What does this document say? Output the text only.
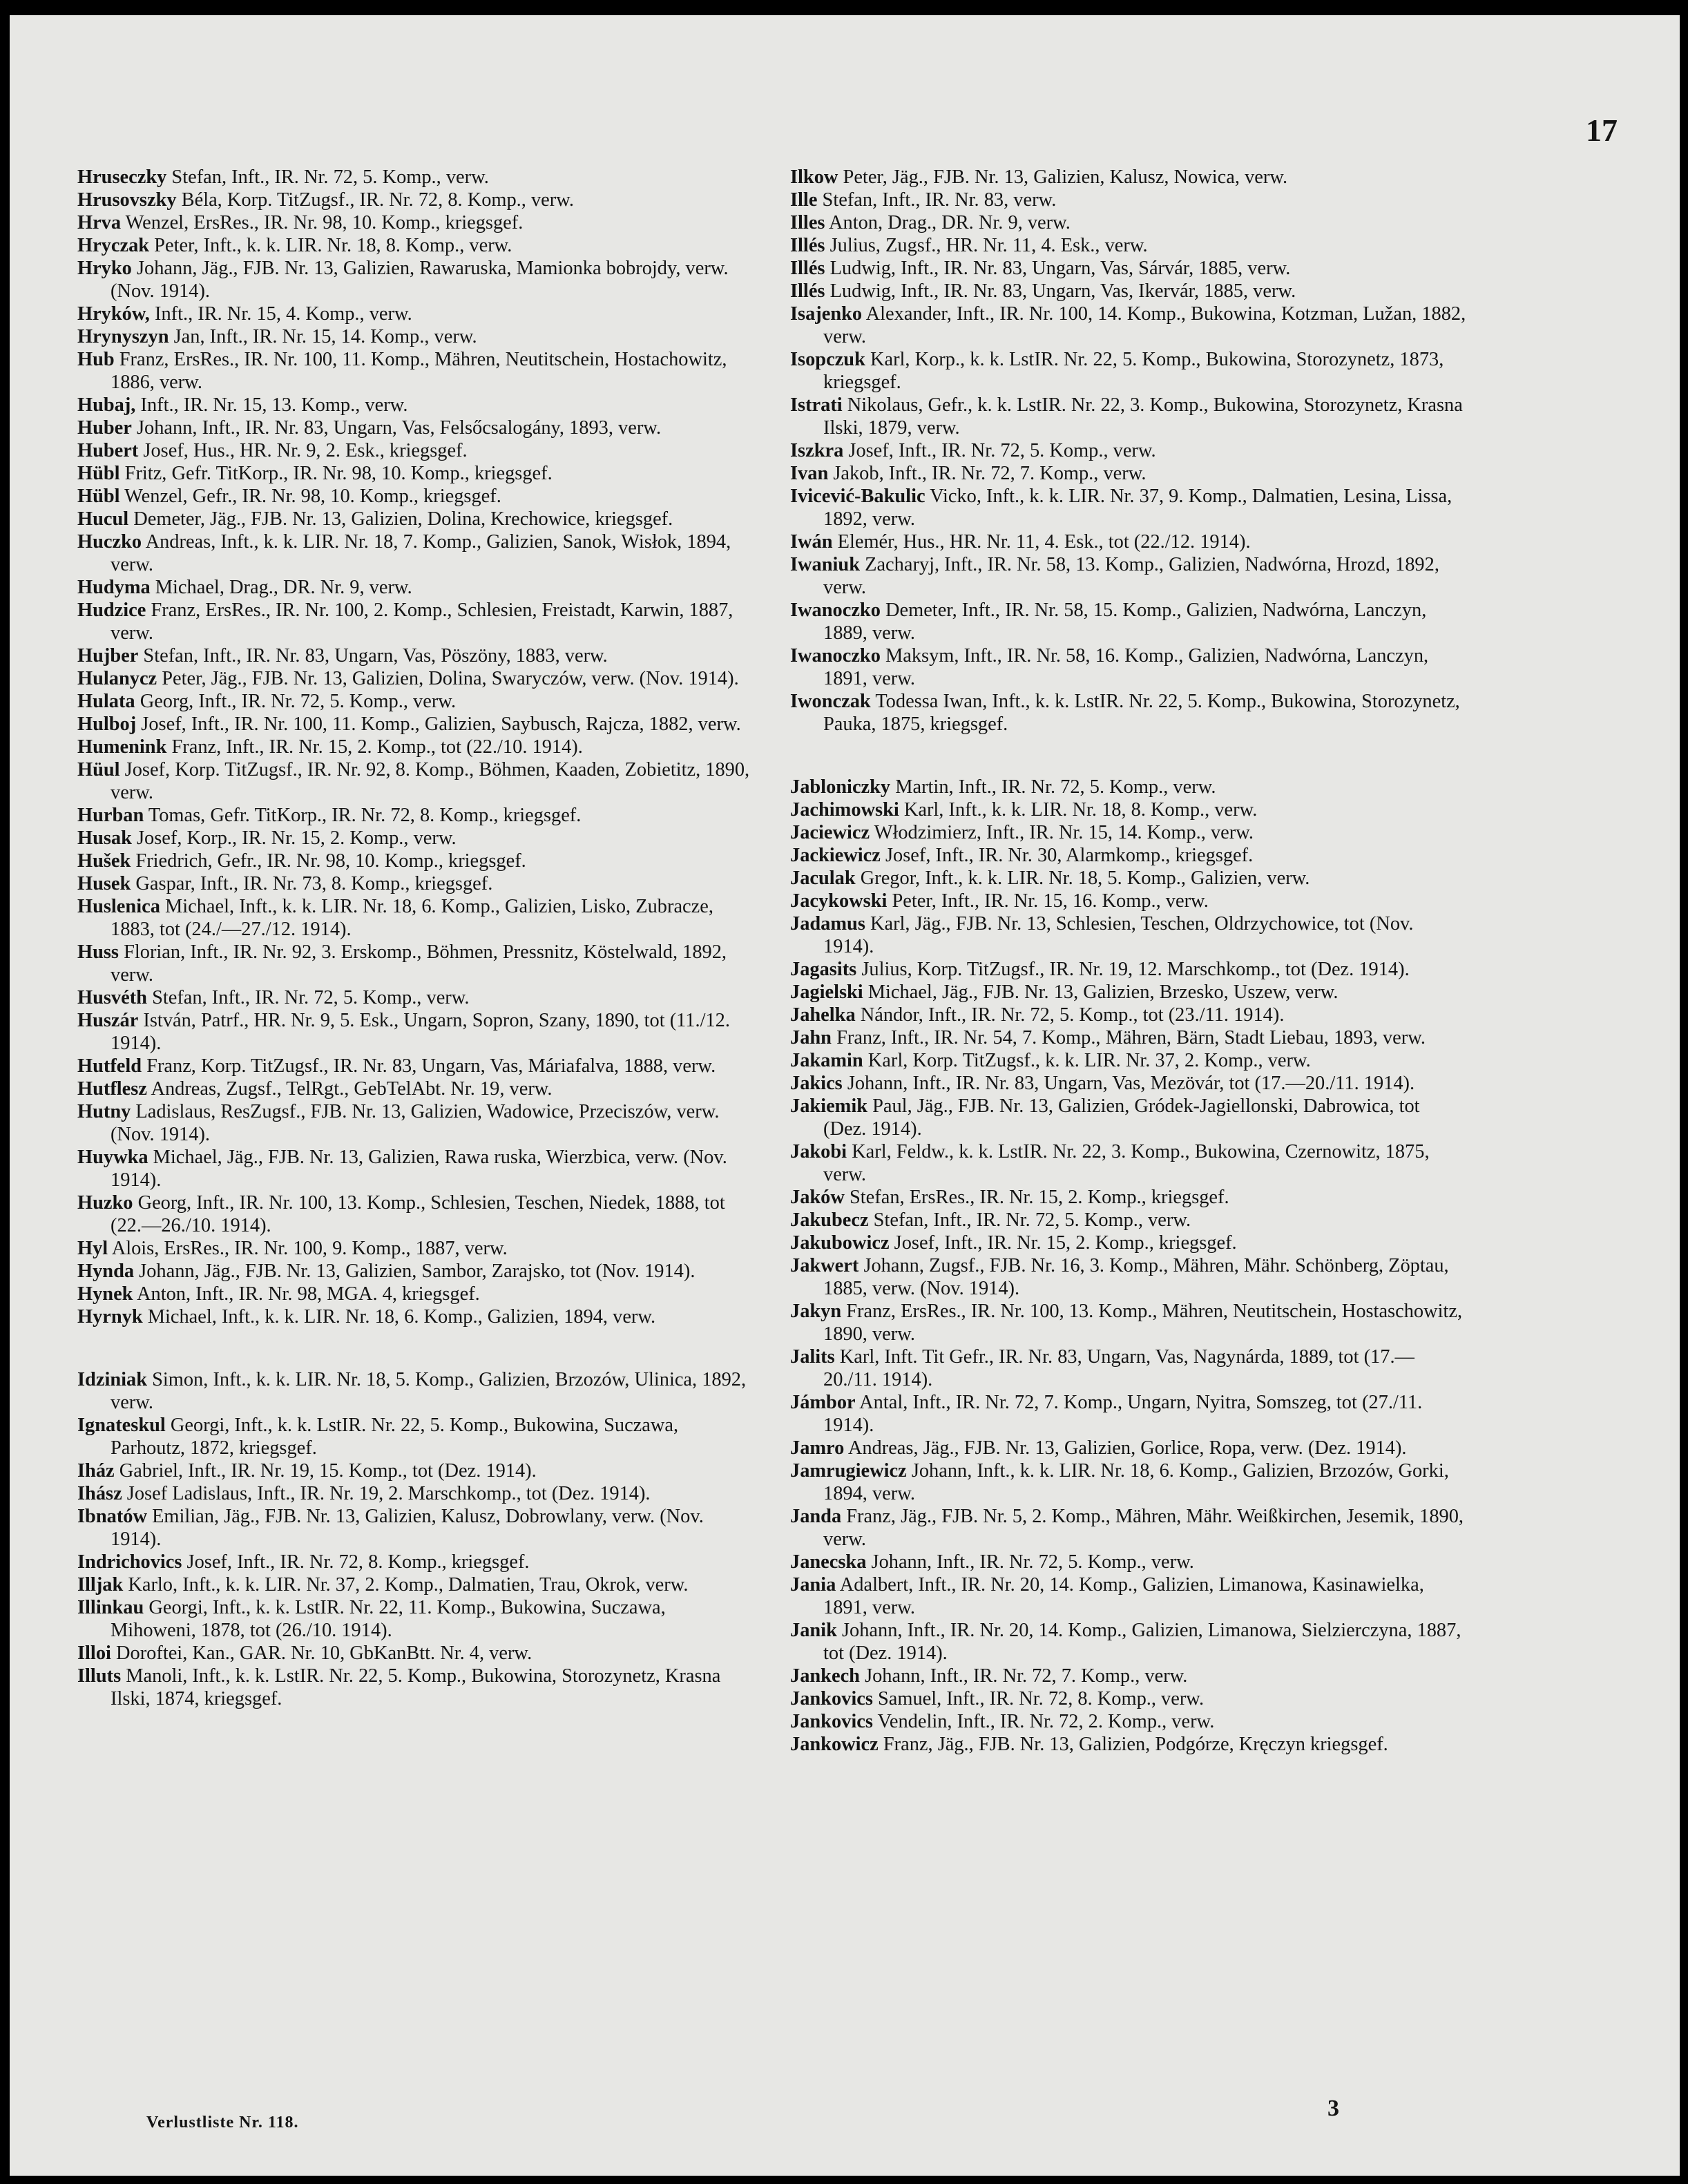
17

Hruseczky Stefan, Inft., IR. Nr. 72, 5. Komp., verw.

Hrusovszky Béla, Korp. TitZugsf., IR. Nr. 72, 8. Komp., verw.

Hrva Wenzel, ErsRes., IR. Nr. 98, 10. Komp., kriegsgef.

Hryczak Peter, Inft., k. k. LIR. Nr. 18, 8. Komp., verw.

Hryko Johann, Jäg., FJB. Nr. 13, Galizien, Rawaruska, Mamionka bobrojdy, verw. (Nov. 1914).

Hryków, Inft., IR. Nr. 15, 4. Komp., verw.

Hrynyszyn Jan, Inft., IR. Nr. 15, 14. Komp., verw.

Hub Franz, ErsRes., IR. Nr. 100, 11. Komp., Mähren, Neutitschein, Hostachowitz, 1886, verw.

Hubaj, Inft., IR. Nr. 15, 13. Komp., verw.

Huber Johann, Inft., IR. Nr. 83, Ungarn, Vas, Felsőcsalogány, 1893, verw.

Hubert Josef, Hus., HR. Nr. 9, 2. Esk., kriegsgef.

Hübl Fritz, Gefr. TitKorp., IR. Nr. 98, 10. Komp., kriegsgef.

Hübl Wenzel, Gefr., IR. Nr. 98, 10. Komp., kriegsgef.

Hucul Demeter, Jäg., FJB. Nr. 13, Galizien, Dolina, Krechowice, kriegsgef.

Huczko Andreas, Inft., k. k. LIR. Nr. 18, 7. Komp., Galizien, Sanok, Wisłok, 1894, verw.

Hudyma Michael, Drag., DR. Nr. 9, verw.

Hudzice Franz, ErsRes., IR. Nr. 100, 2. Komp., Schlesien, Freistadt, Karwin, 1887, verw.

Hujber Stefan, Inft., IR. Nr. 83, Ungarn, Vas, Pöszöny, 1883, verw.

Hulanycz Peter, Jäg., FJB. Nr. 13, Galizien, Dolina, Swaryczów, verw. (Nov. 1914).

Hulata Georg, Inft., IR. Nr. 72, 5. Komp., verw.

Hulboj Josef, Inft., IR. Nr. 100, 11. Komp., Galizien, Saybusch, Rajcza, 1882, verw.

Humenink Franz, Inft., IR. Nr. 15, 2. Komp., tot (22./10. 1914).

Hüul Josef, Korp. TitZugsf., IR. Nr. 92, 8. Komp., Böhmen, Kaaden, Zobietitz, 1890, verw.

Hurban Tomas, Gefr. TitKorp., IR. Nr. 72, 8. Komp., kriegsgef.

Husak Josef, Korp., IR. Nr. 15, 2. Komp., verw.

Hušek Friedrich, Gefr., IR. Nr. 98, 10. Komp., kriegsgef.

Husek Gaspar, Inft., IR. Nr. 73, 8. Komp., kriegsgef.

Huslenica Michael, Inft., k. k. LIR. Nr. 18, 6. Komp., Galizien, Lisko, Zubracze, 1883, tot (24./—27./12. 1914).

Huss Florian, Inft., IR. Nr. 92, 3. Erskomp., Böhmen, Pressnitz, Köstelwald, 1892, verw.

Husvéth Stefan, Inft., IR. Nr. 72, 5. Komp., verw.

Huszár István, Patrf., HR. Nr. 9, 5. Esk., Ungarn, Sopron, Szany, 1890, tot (11./12. 1914).

Hutfeld Franz, Korp. TitZugsf., IR. Nr. 83, Ungarn, Vas, Máriafalva, 1888, verw.

Hutflesz Andreas, Zugsf., TelRgt., GebTelAbt. Nr. 19, verw.

Hutny Ladislaus, ResZugsf., FJB. Nr. 13, Galizien, Wadowice, Przeciszów, verw. (Nov. 1914).

Huywka Michael, Jäg., FJB. Nr. 13, Galizien, Rawa ruska, Wierzbica, verw. (Nov. 1914).

Huzko Georg, Inft., IR. Nr. 100, 13. Komp., Schlesien, Teschen, Niedek, 1888, tot (22.—26./10. 1914).

Hyl Alois, ErsRes., IR. Nr. 100, 9. Komp., 1887, verw.

Hynda Johann, Jäg., FJB. Nr. 13, Galizien, Sambor, Zarajsko, tot (Nov. 1914).

Hynek Anton, Inft., IR. Nr. 98, MGA. 4, kriegsgef.

Hyrnyk Michael, Inft., k. k. LIR. Nr. 18, 6. Komp., Galizien, 1894, verw.

Idziniak Simon, Inft., k. k. LIR. Nr. 18, 5. Komp., Galizien, Brzozów, Ulinica, 1892, verw.

Ignateskul Georgi, Inft., k. k. LstIR. Nr. 22, 5. Komp., Bukowina, Suczawa, Parhoutz, 1872, kriegsgef.

Iház Gabriel, Inft., IR. Nr. 19, 15. Komp., tot (Dez. 1914).

Ihász Josef Ladislaus, Inft., IR. Nr. 19, 2. Marschkomp., tot (Dez. 1914).

Ibnatów Emilian, Jäg., FJB. Nr. 13, Galizien, Kalusz, Dobrowlany, verw. (Nov. 1914).

Indrichovics Josef, Inft., IR. Nr. 72, 8. Komp., kriegsgef.

Illjak Karlo, Inft., k. k. LIR. Nr. 37, 2. Komp., Dalmatien, Trau, Okrok, verw.

Illinkau Georgi, Inft., k. k. LstIR. Nr. 22, 11. Komp., Bukowina, Suczawa, Mihoweni, 1878, tot (26./10. 1914).

Illoi Doroftei, Kan., GAR. Nr. 10, GbKanBtt. Nr. 4, verw.

Illuts Manoli, Inft., k. k. LstIR. Nr. 22, 5. Komp., Bukowina, Storozynetz, Krasna Ilski, 1874, kriegsgef.

Ilkow Peter, Jäg., FJB. Nr. 13, Galizien, Kalusz, Nowica, verw.

Ille Stefan, Inft., IR. Nr. 83, verw.

Illes Anton, Drag., DR. Nr. 9, verw.

Illés Julius, Zugsf., HR. Nr. 11, 4. Esk., verw.

Illés Ludwig, Inft., IR. Nr. 83, Ungarn, Vas, Sárvár, 1885, verw.

Illés Ludwig, Inft., IR. Nr. 83, Ungarn, Vas, Ikervár, 1885, verw.

Isajenko Alexander, Inft., IR. Nr. 100, 14. Komp., Bukowina, Kotzman, Lužan, 1882, verw.

Isopczuk Karl, Korp., k. k. LstIR. Nr. 22, 5. Komp., Bukowina, Storozynetz, 1873, kriegsgef.

Istrati Nikolaus, Gefr., k. k. LstIR. Nr. 22, 3. Komp., Bukowina, Storozynetz, Krasna Ilski, 1879, verw.

Iszkra Josef, Inft., IR. Nr. 72, 5. Komp., verw.

Ivan Jakob, Inft., IR. Nr. 72, 7. Komp., verw.

Ivicević-Bakulic Vicko, Inft., k. k. LIR. Nr. 37, 9. Komp., Dalmatien, Lesina, Lissa, 1892, verw.

Iwán Elemér, Hus., HR. Nr. 11, 4. Esk., tot (22./12. 1914).

Iwaniuk Zacharyj, Inft., IR. Nr. 58, 13. Komp., Galizien, Nadwórna, Hrozd, 1892, verw.

Iwanoczko Demeter, Inft., IR. Nr. 58, 15. Komp., Galizien, Nadwórna, Lanczyn, 1889, verw.

Iwanoczko Maksym, Inft., IR. Nr. 58, 16. Komp., Galizien, Nadwórna, Lanczyn, 1891, verw.

Iwonczak Todessa Iwan, Inft., k. k. LstIR. Nr. 22, 5. Komp., Bukowina, Storozynetz, Pauka, 1875, kriegsgef.

Jabloniczky Martin, Inft., IR. Nr. 72, 5. Komp., verw.

Jachimowski Karl, Inft., k. k. LIR. Nr. 18, 8. Komp., verw.

Jaciewicz Włodzimierz, Inft., IR. Nr. 15, 14. Komp., verw.

Jackiewicz Josef, Inft., IR. Nr. 30, Alarmkomp., kriegsgef.

Jaculak Gregor, Inft., k. k. LIR. Nr. 18, 5. Komp., Galizien, verw.

Jacykowski Peter, Inft., IR. Nr. 15, 16. Komp., verw.

Jadamus Karl, Jäg., FJB. Nr. 13, Schlesien, Teschen, Oldrzychowice, tot (Nov. 1914).

Jagasits Julius, Korp. TitZugsf., IR. Nr. 19, 12. Marschkomp., tot (Dez. 1914).

Jagielski Michael, Jäg., FJB. Nr. 13, Galizien, Brzesko, Uszew, verw.

Jahelka Nándor, Inft., IR. Nr. 72, 5. Komp., tot (23./11. 1914).

Jahn Franz, Inft., IR. Nr. 54, 7. Komp., Mähren, Bärn, Stadt Liebau, 1893, verw.

Jakamin Karl, Korp. TitZugsf., k. k. LIR. Nr. 37, 2. Komp., verw.

Jakics Johann, Inft., IR. Nr. 83, Ungarn, Vas, Mezövár, tot (17.—20./11. 1914).

Jakiemik Paul, Jäg., FJB. Nr. 13, Galizien, Gródek-Jagiellonski, Dabrowica, tot (Dez. 1914).

Jakobi Karl, Feldw., k. k. LstIR. Nr. 22, 3. Komp., Bukowina, Czernowitz, 1875, verw.

Jaków Stefan, ErsRes., IR. Nr. 15, 2. Komp., kriegsgef.

Jakubecz Stefan, Inft., IR. Nr. 72, 5. Komp., verw.

Jakubowicz Josef, Inft., IR. Nr. 15, 2. Komp., kriegsgef.

Jakwert Johann, Zugsf., FJB. Nr. 16, 3. Komp., Mähren, Mähr. Schönberg, Zöptau, 1885, verw. (Nov. 1914).

Jakyn Franz, ErsRes., IR. Nr. 100, 13. Komp., Mähren, Neutitschein, Hostaschowitz, 1890, verw.

Jalits Karl, Inft. Tit Gefr., IR. Nr. 83, Ungarn, Vas, Nagynárda, 1889, tot (17.—20./11. 1914).

Jámbor Antal, Inft., IR. Nr. 72, 7. Komp., Ungarn, Nyitra, Somszeg, tot (27./11. 1914).

Jamro Andreas, Jäg., FJB. Nr. 13, Galizien, Gorlice, Ropa, verw. (Dez. 1914).

Jamrugiewicz Johann, Inft., k. k. LIR. Nr. 18, 6. Komp., Galizien, Brzozów, Gorki, 1894, verw.

Janda Franz, Jäg., FJB. Nr. 5, 2. Komp., Mähren, Mähr. Weißkirchen, Jesemik, 1890, verw.

Janecska Johann, Inft., IR. Nr. 72, 5. Komp., verw.

Jania Adalbert, Inft., IR. Nr. 20, 14. Komp., Galizien, Limanowa, Kasinawielka, 1891, verw.

Janik Johann, Inft., IR. Nr. 20, 14. Komp., Galizien, Limanowa, Sielzierczyna, 1887, tot (Dez. 1914).

Jankech Johann, Inft., IR. Nr. 72, 7. Komp., verw.

Jankovics Samuel, Inft., IR. Nr. 72, 8. Komp., verw.

Jankovics Vendelin, Inft., IR. Nr. 72, 2. Komp., verw.

Jankowicz Franz, Jäg., FJB. Nr. 13, Galizien, Podgórze, Kręczyn kriegsgef.

Verlustliste Nr. 118.
3
